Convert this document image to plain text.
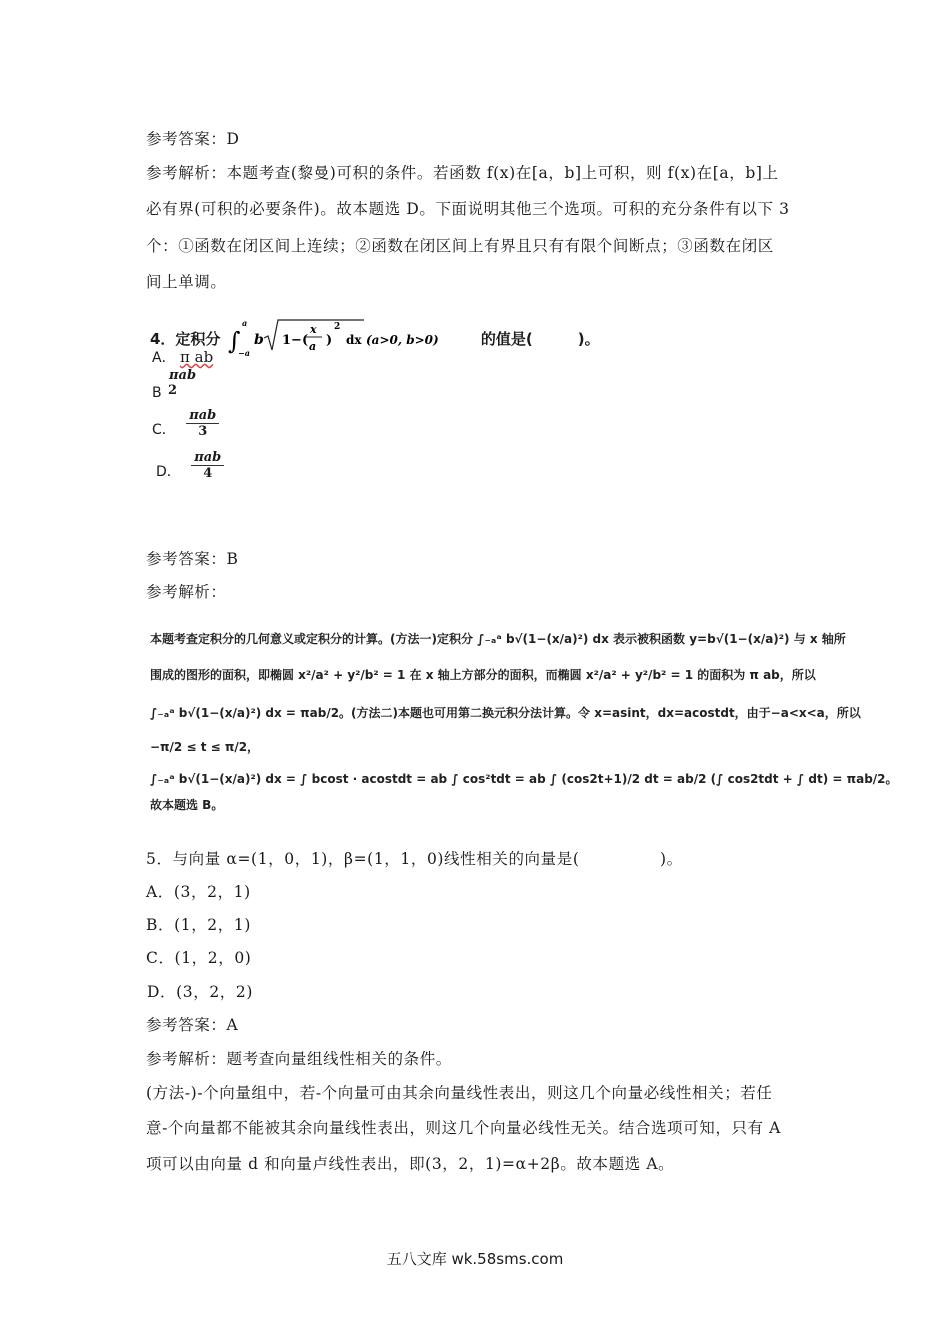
参考答案：D
参考解析：本题考查(黎曼)可积的条件。若函数 f(x)在[a，b]上可积，则 f(x)在[a，b]上
必有界(可积的必要条件)。故本题选 D。下面说明其他三个选项。可积的充分条件有以下 3
个：①函数在闭区间上连续；②函数在闭区间上有界且只有有限个间断点；③函数在闭区
间上单调。
4．定积分 ∫
a
−a
b 1−(
x
a )
2
dx (a>0, b>0)	的值是(　　　)。
A． π ab
B
πab
2
C． $\frac{\text{πab}}{3}$
D． $\frac{\text{πab}}{4}$
参考答案：B
参考解析：
本题考查定积分的几何意义或定积分的计算。(方法一)定积分 ∫₋ₐᵃ b√(1−(x/a)²) dx 表示被积函数 y=b√(1−(x/a)²) 与 x 轴所
围成的图形的面积，即椭圆 x²/a² + y²/b² = 1 在 x 轴上方部分的面积，而椭圆 x²/a² + y²/b² = 1 的面积为 π ab，所以
∫₋ₐᵃ b√(1−(x/a)²) dx = πab/2。(方法二)本题也可用第二换元积分法计算。令 x=asint，dx=acostdt，由于−a<x<a，所以
−π/2 ≤ t ≤ π/2，
∫₋ₐᵃ b√(1−(x/a)²) dx = ∫ bcost · acostdt = ab ∫ cos²tdt = ab ∫ (cos2t+1)/2 dt = ab/2 (∫ cos2tdt + ∫ dt) = πab/2。
故本题选 B。
5．与向量 α=(1，0，1)，β=(1，1，0)线性相关的向量是(　　　　　)。
A．(3，2，1)
B．(1，2，1)
C．(1，2，0)
D．(3，2，2)
参考答案：A
参考解析：题考查向量组线性相关的条件。
(方法-)-个向量组中，若-个向量可由其余向量线性表出，则这几个向量必线性相关；若任
意-个向量都不能被其余向量线性表出，则这几个向量必线性无关。结合选项可知，只有 A
项可以由向量 d 和向量卢线性表出，即(3，2，1)=α+2β。故本题选 A。
五八文库 wk.58sms.com
